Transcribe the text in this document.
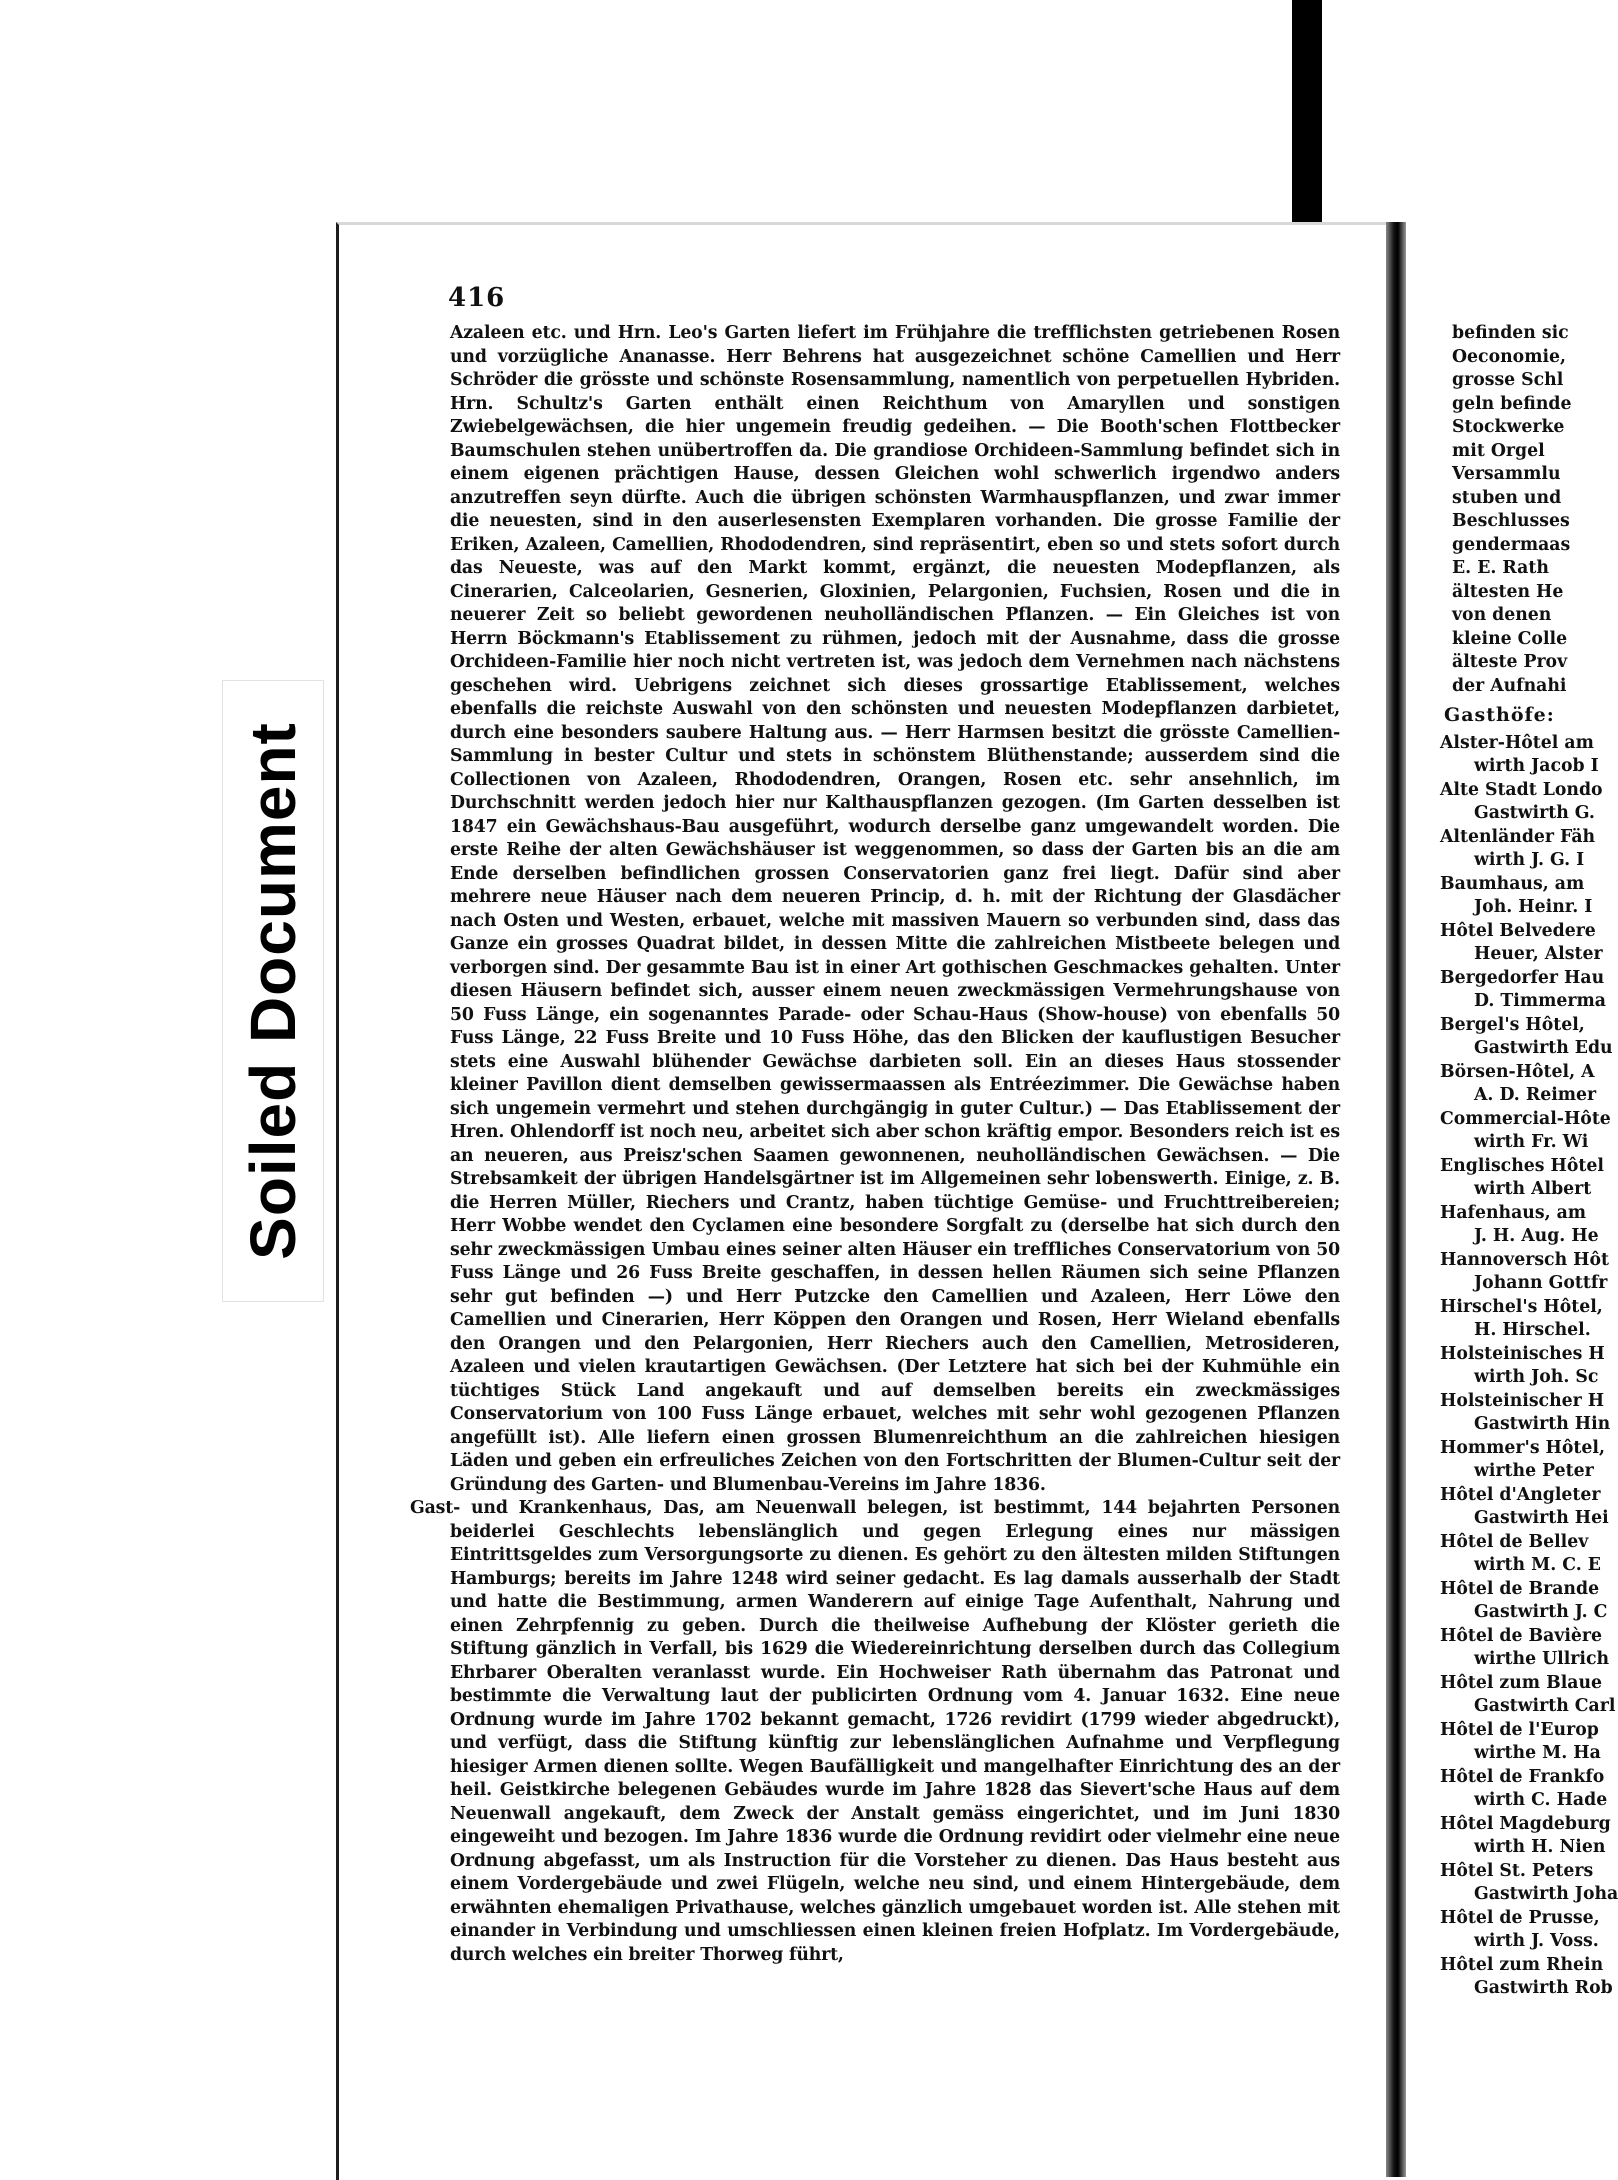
Soiled Document
416

Azaleen etc. und Hrn. Leo's Garten liefert im Frühjahre die trefflichsten getriebenen Rosen und vorzügliche Ananasse. Herr Behrens hat ausgezeichnet schöne Camellien und Herr Schröder die grösste und schönste Rosensammlung, namentlich von perpetuellen Hybriden. Hrn. Schultz's Garten enthält einen Reichthum von Amaryllen und sonstigen Zwiebelgewächsen, die hier ungemein freudig gedeihen. — Die Booth'schen Flottbecker Baumschulen stehen unübertroffen da. Die grandiose Orchideen-Sammlung befindet sich in einem eigenen prächtigen Hause, dessen Gleichen wohl schwerlich irgendwo anders anzutreffen seyn dürfte. Auch die übrigen schönsten Warmhauspflanzen, und zwar immer die neuesten, sind in den auserlesensten Exemplaren vorhanden. Die grosse Familie der Eriken, Azaleen, Camellien, Rhododendren, sind repräsentirt, eben so und stets sofort durch das Neueste, was auf den Markt kommt, ergänzt, die neuesten Modepflanzen, als Cinerarien, Calceolarien, Gesnerien, Gloxinien, Pelargonien, Fuchsien, Rosen und die in neuerer Zeit so beliebt gewordenen neuholländischen Pflanzen. — Ein Gleiches ist von Herrn Böckmann's Etablissement zu rühmen, jedoch mit der Ausnahme, dass die grosse Orchideen-Familie hier noch nicht vertreten ist, was jedoch dem Vernehmen nach nächstens geschehen wird. Uebrigens zeichnet sich dieses grossartige Etablissement, welches ebenfalls die reichste Auswahl von den schönsten und neuesten Modepflanzen darbietet, durch eine besonders saubere Haltung aus. — Herr Harmsen besitzt die grösste Camellien-Sammlung in bester Cultur und stets in schönstem Blüthenstande; ausserdem sind die Collectionen von Azaleen, Rhododendren, Orangen, Rosen etc. sehr ansehnlich, im Durchschnitt werden jedoch hier nur Kalthauspflanzen gezogen. (Im Garten desselben ist 1847 ein Gewächshaus-Bau ausgeführt, wodurch derselbe ganz umgewandelt worden. Die erste Reihe der alten Gewächshäuser ist weggenommen, so dass der Garten bis an die am Ende derselben befindlichen grossen Conservatorien ganz frei liegt. Dafür sind aber mehrere neue Häuser nach dem neueren Princip, d. h. mit der Richtung der Glasdächer nach Osten und Westen, erbauet, welche mit massiven Mauern so verbunden sind, dass das Ganze ein grosses Quadrat bildet, in dessen Mitte die zahlreichen Mistbeete belegen und verborgen sind. Der gesammte Bau ist in einer Art gothischen Geschmackes gehalten. Unter diesen Häusern befindet sich, ausser einem neuen zweckmässigen Vermehrungshause von 50 Fuss Länge, ein sogenanntes Parade- oder Schau-Haus (Show-house) von ebenfalls 50 Fuss Länge, 22 Fuss Breite und 10 Fuss Höhe, das den Blicken der kauflustigen Besucher stets eine Auswahl blühender Gewächse darbieten soll. Ein an dieses Haus stossender kleiner Pavillon dient demselben gewissermaassen als Entréezimmer. Die Gewächse haben sich ungemein vermehrt und stehen durchgängig in guter Cultur.) — Das Etablissement der Hren. Ohlendorff ist noch neu, arbeitet sich aber schon kräftig empor. Besonders reich ist es an neueren, aus Preisz'schen Saamen gewonnenen, neuholländischen Gewächsen. — Die Strebsamkeit der übrigen Handelsgärtner ist im Allgemeinen sehr lobenswerth. Einige, z. B. die Herren Müller, Riechers und Crantz, haben tüchtige Gemüse- und Fruchttreibereien; Herr Wobbe wendet den Cyclamen eine besondere Sorgfalt zu (derselbe hat sich durch den sehr zweckmässigen Umbau eines seiner alten Häuser ein treffliches Conservatorium von 50 Fuss Länge und 26 Fuss Breite geschaffen, in dessen hellen Räumen sich seine Pflanzen sehr gut befinden —) und Herr Putzcke den Camellien und Azaleen, Herr Löwe den Camellien und Cinerarien, Herr Köppen den Orangen und Rosen, Herr Wieland ebenfalls den Orangen und den Pelargonien, Herr Riechers auch den Camellien, Metrosideren, Azaleen und vielen krautartigen Gewächsen. (Der Letztere hat sich bei der Kuhmühle ein tüchtiges Stück Land angekauft und auf demselben bereits ein zweckmässiges Conservatorium von 100 Fuss Länge erbauet, welches mit sehr wohl gezogenen Pflanzen angefüllt ist). Alle liefern einen grossen Blumenreichthum an die zahlreichen hiesigen Läden und geben ein erfreuliches Zeichen von den Fortschritten der Blumen-Cultur seit der Gründung des Garten- und Blumenbau-Vereins im Jahre 1836.

Gast- und Krankenhaus, Das, am Neuenwall belegen, ist bestimmt, 144 bejahrten Personen beiderlei Geschlechts lebenslänglich und gegen Erlegung eines nur mässigen Eintrittsgeldes zum Versorgungsorte zu dienen. Es gehört zu den ältesten milden Stiftungen Hamburgs; bereits im Jahre 1248 wird seiner gedacht. Es lag damals ausserhalb der Stadt und hatte die Bestimmung, armen Wanderern auf einige Tage Aufenthalt, Nahrung und einen Zehrpfennig zu geben. Durch die theilweise Aufhebung der Klöster gerieth die Stiftung gänzlich in Verfall, bis 1629 die Wiedereinrichtung derselben durch das Collegium Ehrbarer Oberalten veranlasst wurde. Ein Hochweiser Rath übernahm das Patronat und bestimmte die Verwaltung laut der publicirten Ordnung vom 4. Januar 1632. Eine neue Ordnung wurde im Jahre 1702 bekannt gemacht, 1726 revidirt (1799 wieder abgedruckt), und verfügt, dass die Stiftung künftig zur lebenslänglichen Aufnahme und Verpflegung hiesiger Armen dienen sollte. Wegen Baufälligkeit und mangelhafter Einrichtung des an der heil. Geistkirche belegenen Gebäudes wurde im Jahre 1828 das Sievert'sche Haus auf dem Neuenwall angekauft, dem Zweck der Anstalt gemäss eingerichtet, und im Juni 1830 eingeweiht und bezogen. Im Jahre 1836 wurde die Ordnung revidirt oder vielmehr eine neue Ordnung abgefasst, um als Instruction für die Vorsteher zu dienen. Das Haus besteht aus einem Vordergebäude und zwei Flügeln, welche neu sind, und einem Hintergebäude, dem erwähnten ehemaligen Privathause, welches gänzlich umgebauet worden ist. Alle stehen mit einander in Verbindung und umschliessen einen kleinen freien Hofplatz. Im Vordergebäude, durch welches ein breiter Thorweg führt,

befinden sic
Oeconomie,
grosse Schl
geln befinde
Stockwerke
mit Orgel
Versammlu
stuben und
Beschlusses
gendermaas
E. E. Rath
ältesten He
von denen
kleine Colle
älteste Prov
der Aufnahi
Gasthöfe:
Alster-Hôtel am
wirth Jacob I
Alte Stadt Londo
Gastwirth G.
Altenländer Fäh
wirth J. G. I
Baumhaus, am
Joh. Heinr. I
Hôtel Belvedere
Heuer, Alster
Bergedorfer Hau
D. Timmerma
Bergel's Hôtel,
Gastwirth Edu
Börsen-Hôtel, A
A. D. Reimer
Commercial-Hôte
wirth Fr. Wi
Englisches Hôtel
wirth Albert
Hafenhaus, am
J. H. Aug. He
Hannoversch Hôt
Johann Gottfr
Hirschel's Hôtel,
H. Hirschel.
Holsteinisches H
wirth Joh. Sc
Holsteinischer H
Gastwirth Hin
Hommer's Hôtel,
wirthe Peter
Hôtel d'Angleter
Gastwirth Hei
Hôtel de Bellev
wirth M. C. E
Hôtel de Brande
Gastwirth J. C
Hôtel de Bavière
wirthe Ullrich
Hôtel zum Blaue
Gastwirth Carl
Hôtel de l'Europ
wirthe M. Ha
Hôtel de Frankfo
wirth C. Hade
Hôtel Magdeburg
wirth H. Nien
Hôtel St. Peters
Gastwirth Joha
Hôtel de Prusse,
wirth J. Voss.
Hôtel zum Rhein
Gastwirth Rob
